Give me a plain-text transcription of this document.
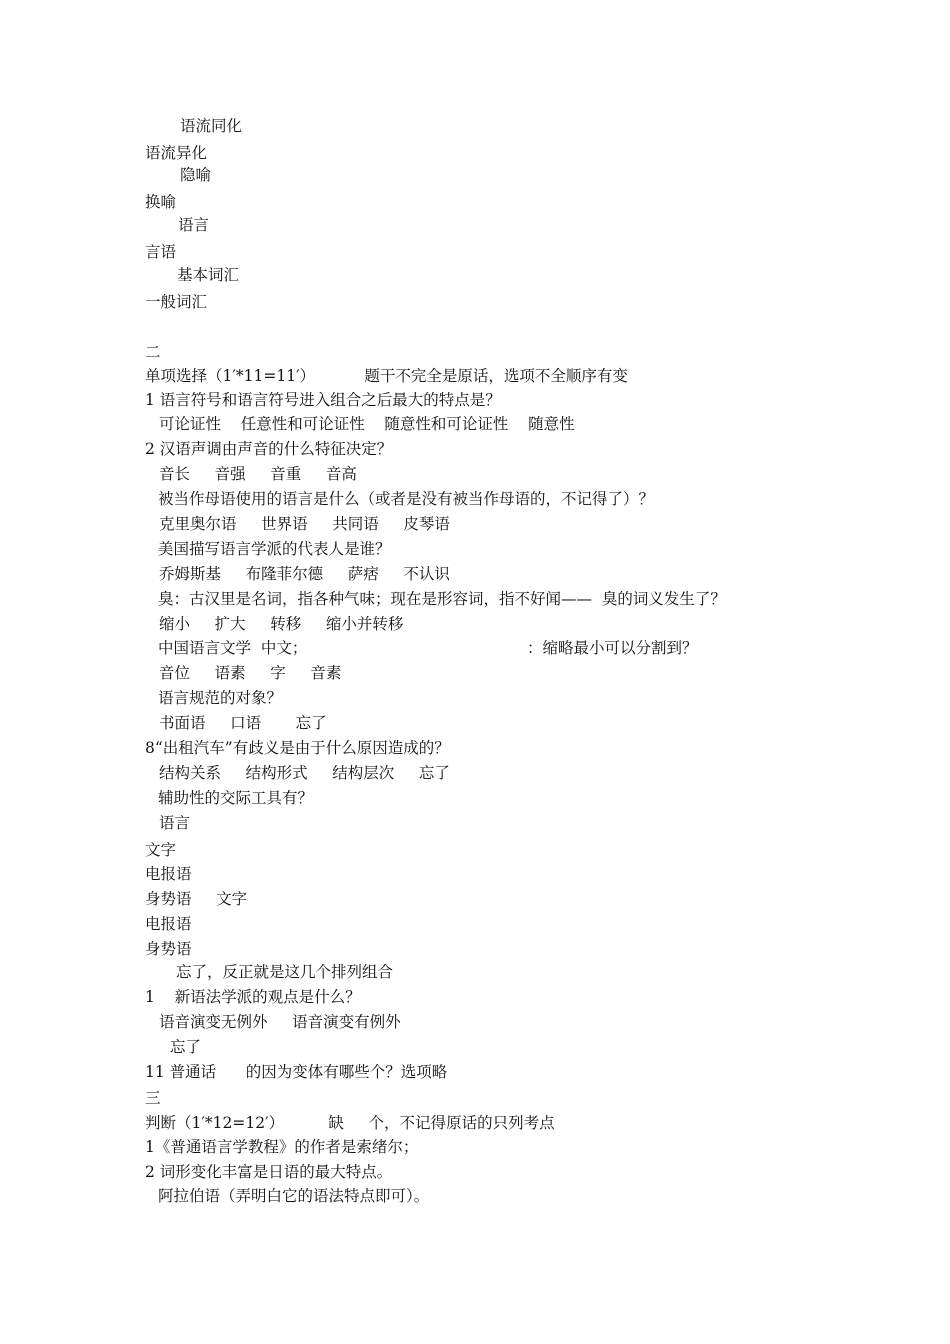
语流同化
语流异化
隐喻
换喻
语言
言语
基本词汇
一般词汇
二
单项选择（1′*11=11′）          题干不完全是原话，选项不全顺序有变
1 语言符号和语言符号进入组合之后最大的特点是？
可论证性    任意性和可论证性    随意性和可论证性    随意性
2 汉语声调由声音的什么特征决定？
音长     音强     音重     音高
被当作母语使用的语言是什么（或者是没有被当作母语的，不记得了）？
克里奥尔语     世界语     共同语     皮琴语
美国描写语言学派的代表人是谁？
乔姆斯基     布隆菲尔德     萨痞     不认识
臭：古汉里是名词，指各种气味；现在是形容词，指不好闻——  臭的词义发生了？
缩小     扩大     转移     缩小并转移
中国语言文学  中文；	：缩略最小可以分割到？
音位     语素     字     音素
语言规范的对象？
书面语     口语       忘了
8“出租汽车”有歧义是由于什么原因造成的？
结构关系     结构形式     结构层次     忘了
辅助性的交际工具有？
语言
文字
电报语
身势语     文字
电报语
身势语
忘了，反正就是这几个排列组合
1    新语法学派的观点是什么？
语音演变无例外     语音演变有例外
忘了
11 普通话      的因为变体有哪些个？选项略
三
判断（1′*12=12′）         缺     个，不记得原话的只列考点
1《普通语言学教程》的作者是索绪尔；
2 词形变化丰富是日语的最大特点。
阿拉伯语（弄明白它的语法特点即可）。
